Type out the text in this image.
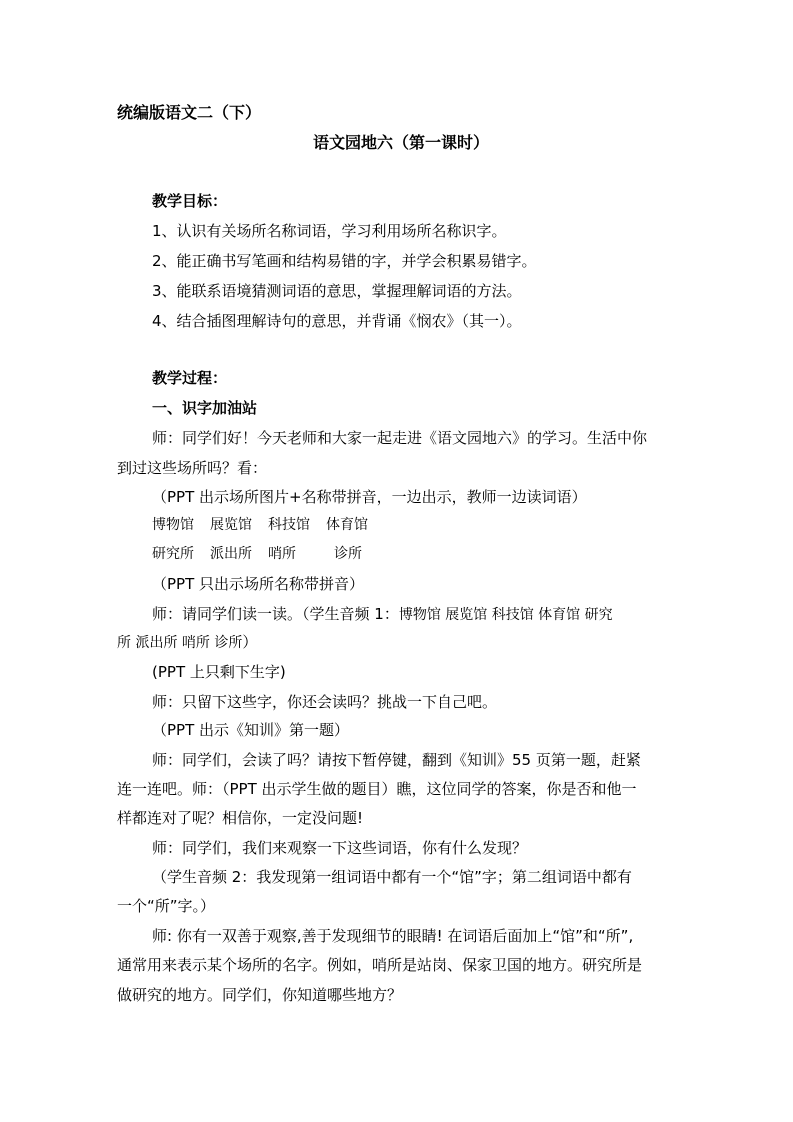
统编版语文二（下）
语文园地六（第一课时）
教学目标：
1、认识有关场所名称词语，学习利用场所名称识字。
2、能正确书写笔画和结构易错的字，并学会积累易错字。
3、能联系语境猜测词语的意思，掌握理解词语的方法。
4、结合插图理解诗句的意思，并背诵《悯农》（其一）。
教学过程：
一、识字加油站
师：同学们好！今天老师和大家一起走进《语文园地六》的学习。生活中你
到过这些场所吗？看：
（PPT 出示场所图片+名称带拼音，一边出示，教师一边读词语）
博物馆 展览馆 科技馆 体育馆
研究所 派出所 哨所	诊所
（PPT 只出示场所名称带拼音）
师：请同学们读一读。（学生音频 1：博物馆 展览馆 科技馆 体育馆 研究
所 派出所 哨所 诊所）
(PPT 上只剩下生字)
师：只留下这些字，你还会读吗？挑战一下自己吧。
（PPT 出示《知训》第一题）
师：同学们，会读了吗？请按下暂停键，翻到《知训》55 页第一题，赶紧
连一连吧。师：（PPT 出示学生做的题目）瞧，这位同学的答案，你是否和他一
样都连对了呢？相信你，一定没问题!
师：同学们，我们来观察一下这些词语，你有什么发现？
（学生音频 2：我发现第一组词语中都有一个“馆”字；第二组词语中都有
一个“所”字。）
师: 你有一双善于观察,善于发现细节的眼睛! 在词语后面加上“馆”和“所”,
通常用来表示某个场所的名字。例如，哨所是站岗、保家卫国的地方。研究所是
做研究的地方。同学们，你知道哪些地方？
